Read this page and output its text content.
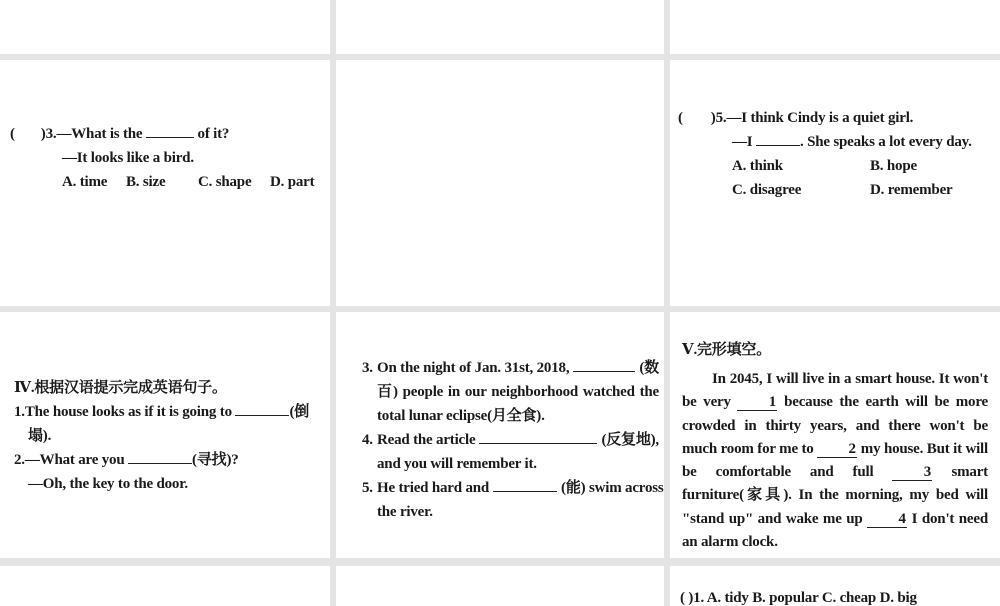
( )3.—What is the	of it?
—It looks like a bird.
A. time B. size C. shape D. part
( )5.—I think Cindy is a quiet girl.
—I	. She speaks a lot every day.
A. think	B. hope
C. disagree	D. remember
Ⅳ.根据汉语提示完成英语句子。
1.The house looks as if it is going to	(倒
塌).
2.—What are you	(寻找)?
—Oh, the key to the door.
3. On the night of Jan. 31st, 2018,	(数
百) people in our neighborhood watched the total lunar eclipse(月全食).
4. Read the article	(反复地),
and you will remember it.
5. He tried hard and	(能) swim across
the river.
Ⅴ.完形填空。
In 2045, I will live in a smart house. It won't be very	1 because the earth will be more crowded in thirty years, and there won't be much room for me to 2 my house. But it will be comfortable and full	3 smart furniture(家具). In the morning, my bed will "stand up" and wake me up 4 I don't need an alarm clock.
( )1. A. tidy B. popular C. cheap D. big
